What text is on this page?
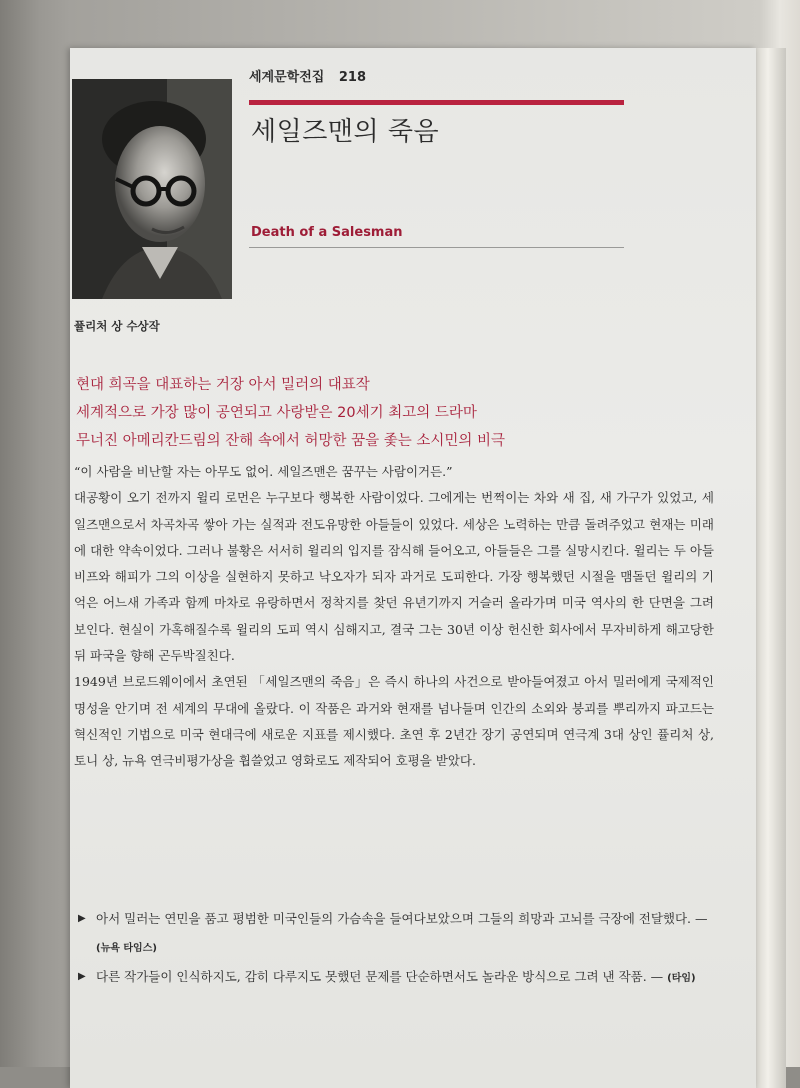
세계문학전집 218
세일즈맨의 죽음
Death of a Salesman
퓰리처 상 수상작
현대 희곡을 대표하는 거장 아서 밀러의 대표작
세계적으로 가장 많이 공연되고 사랑받은 20세기 최고의 드라마
무너진 아메리칸드림의 잔해 속에서 허망한 꿈을 좇는 소시민의 비극

“이 사람을 비난할 자는 아무도 없어. 세일즈맨은 꿈꾸는 사람이거든.”

대공황이 오기 전까지 윌리 로먼은 누구보다 행복한 사람이었다. 그에게는 번쩍이는 차와 새 집, 새 가구가 있었고, 세일즈맨으로서 차곡차곡 쌓아 가는 실적과 전도유망한 아들들이 있었다. 세상은 노력하는 만큼 돌려주었고 현재는 미래에 대한 약속이었다. 그러나 불황은 서서히 윌리의 입지를 잠식해 들어오고, 아들들은 그를 실망시킨다. 윌리는 두 아들 비프와 해피가 그의 이상을 실현하지 못하고 낙오자가 되자 과거로 도피한다. 가장 행복했던 시절을 맴돌던 윌리의 기억은 어느새 가족과 함께 마차로 유랑하면서 정착지를 찾던 유년기까지 거슬러 올라가며 미국 역사의 한 단면을 그려 보인다. 현실이 가혹해질수록 윌리의 도피 역시 심해지고, 결국 그는 30년 이상 헌신한 회사에서 무자비하게 해고당한 뒤 파국을 향해 곤두박질친다.

1949년 브로드웨이에서 초연된 「세일즈맨의 죽음」은 즉시 하나의 사건으로 받아들여졌고 아서 밀러에게 국제적인 명성을 안기며 전 세계의 무대에 올랐다. 이 작품은 과거와 현재를 넘나들며 인간의 소외와 붕괴를 뿌리까지 파고드는 혁신적인 기법으로 미국 현대극에 새로운 지표를 제시했다. 초연 후 2년간 장기 공연되며 연극계 3대 상인 퓰리처 상, 토니 상, 뉴욕 연극비평가상을 휩쓸었고 영화로도 제작되어 호평을 받았다.

▶ 아서 밀러는 연민을 품고 평범한 미국인들의 가슴속을 들여다보았으며 그들의 희망과 고뇌를 극장에 전달했다. — (뉴욕 타임스)
▶ 다른 작가들이 인식하지도, 감히 다루지도 못했던 문제를 단순하면서도 놀라운 방식으로 그려 낸 작품. — (타임)
